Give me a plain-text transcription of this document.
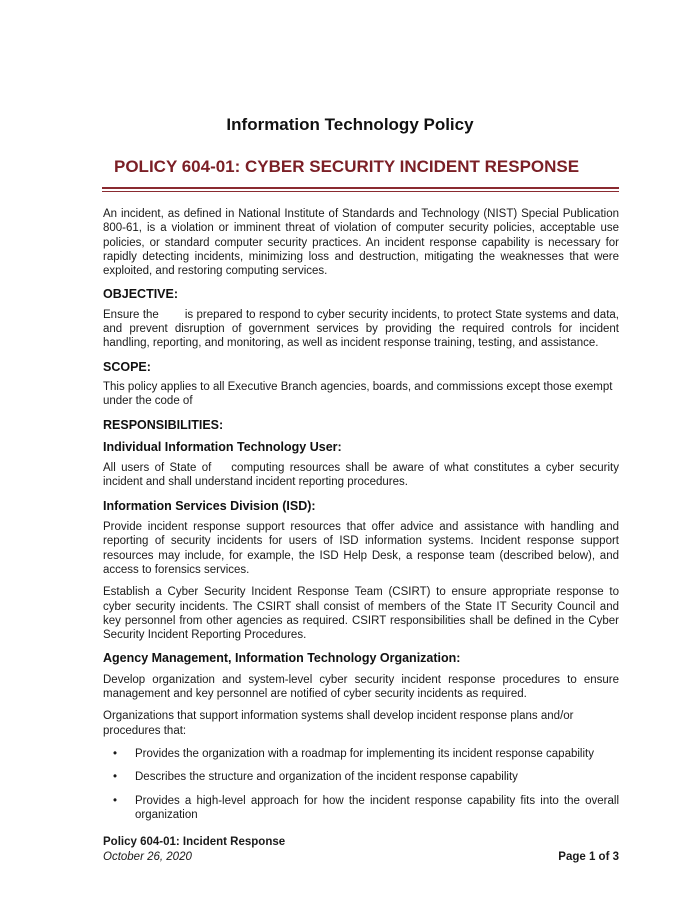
Information Technology Policy
POLICY 604-01: CYBER SECURITY INCIDENT RESPONSE

An incident, as defined in National Institute of Standards and Technology (NIST) Special Publication 800-61, is a violation or imminent threat of violation of computer security policies, acceptable use policies, or standard computer security practices. An incident response capability is necessary for rapidly detecting incidents, minimizing loss and destruction, mitigating the weaknesses that were exploited, and restoring computing services.

OBJECTIVE:

Ensure the is prepared to respond to cyber security incidents, to protect State systems and data, and prevent disruption of government services by providing the required controls for incident handling, reporting, and monitoring, as well as incident response training, testing, and assistance.

SCOPE:

This policy applies to all Executive Branch agencies, boards, and commissions except those exempt under the code of

RESPONSIBILITIES:
Individual Information Technology User:

All users of State of computing resources shall be aware of what constitutes a cyber security incident and shall understand incident reporting procedures.

Information Services Division (ISD):

Provide incident response support resources that offer advice and assistance with handling and reporting of security incidents for users of ISD information systems. Incident response support resources may include, for example, the ISD Help Desk, a response team (described below), and access to forensics services.

Establish a Cyber Security Incident Response Team (CSIRT) to ensure appropriate response to cyber security incidents. The CSIRT shall consist of members of the State IT Security Council and key personnel from other agencies as required. CSIRT responsibilities shall be defined in the Cyber Security Incident Reporting Procedures.

Agency Management, Information Technology Organization:

Develop organization and system-level cyber security incident response procedures to ensure management and key personnel are notified of cyber security incidents as required.

Organizations that support information systems shall develop incident response plans and/or procedures that:

• Provides the organization with a roadmap for implementing its incident response capability
• Describes the structure and organization of the incident response capability
• Provides a high-level approach for how the incident response capability fits into the overall organization
Policy 604-01: Incident Response
October 26, 2020	Page 1 of 3
